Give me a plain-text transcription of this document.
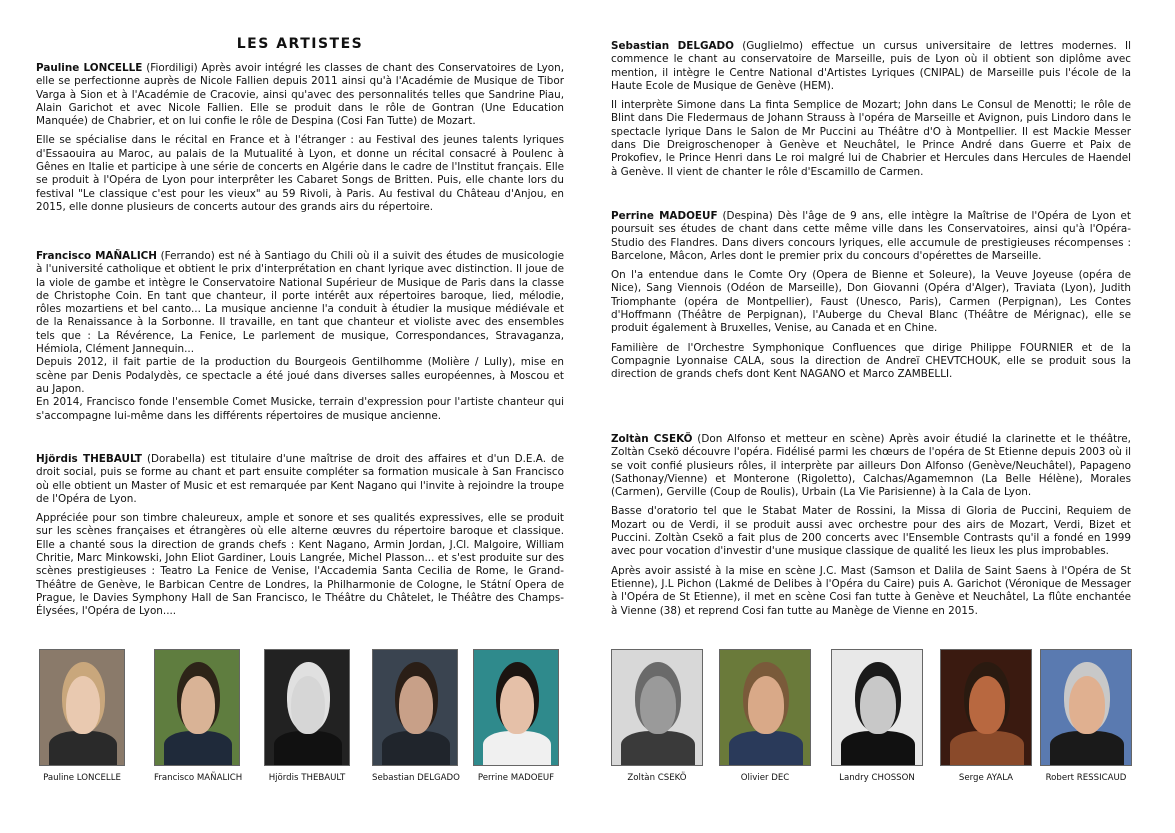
LES ARTISTES

Pauline LONCELLE (Fiordiligi) Après avoir intégré les classes de chant des Conservatoires de Lyon, elle se perfectionne auprès de Nicole Fallien depuis 2011 ainsi qu'à l'Académie de Musique de Tibor Varga à Sion et à l'Académie de Cracovie, ainsi qu'avec des personnalités telles que Sandrine Piau, Alain Garichot et avec Nicole Fallien. Elle se produit dans le rôle de Gontran (Une Education Manquée) de Chabrier, et on lui confie le rôle de Despina (Cosi Fan Tutte) de Mozart.

Elle se spécialise dans le récital en France et à l'étranger : au Festival des jeunes talents lyriques d'Essaouira au Maroc, au palais de la Mutualité à Lyon, et donne un récital consacré à Poulenc à Gênes en Italie et participe à une série de concerts en Algérie dans le cadre de l'Institut français. Elle se produit à l'Opéra de Lyon pour interprêter les Cabaret Songs de Britten. Puis, elle chante lors du festival "Le classique c'est pour les vieux" au 59 Rivoli, à Paris. Au festival du Château d'Anjou, en 2015, elle donne plusieurs de concerts autour des grands airs du répertoire.

Francisco MAÑALICH (Ferrando) est né à Santiago du Chili où il a suivit des études de musicologie à l'université catholique et obtient le prix d'interprétation en chant lyrique avec distinction. Il joue de la viole de gambe et intègre le Conservatoire National Supérieur de Musique de Paris dans la classe de Christophe Coin. En tant que chanteur, il porte intérêt aux répertoires baroque, lied, mélodie, rôles mozartiens et bel canto... La musique ancienne l'a conduit à étudier la musique médiévale et de la Renaissance à la Sorbonne. Il travaille, en tant que chanteur et violiste avec des ensembles tels que : La Révérence, La Fenice, Le parlement de musique, Correspondances, Stravaganza, Hémiola, Clément Jannequin...

Depuis 2012, il fait partie de la production du Bourgeois Gentilhomme (Molière / Lully), mise en scène par Denis Podalydès, ce spectacle a été joué dans diverses salles européennes, à Moscou et au Japon.

En 2014, Francisco fonde l'ensemble Comet Musicke, terrain d'expression pour l'artiste chanteur qui s'accompagne lui-même dans les différents répertoires de musique ancienne.

Hjördis THEBAULT (Dorabella) est titulaire d'une maîtrise de droit des affaires et d'un D.E.A. de droit social, puis se forme au chant et part ensuite compléter sa formation musicale à San Francisco où elle obtient un Master of Music et est remarquée par Kent Nagano qui l'invite à rejoindre la troupe de l'Opéra de Lyon.

Appréciée pour son timbre chaleureux, ample et sonore et ses qualités expressives, elle se produit sur les scènes françaises et étrangères où elle alterne œuvres du répertoire baroque et classique. Elle a chanté sous la direction de grands chefs : Kent Nagano, Armin Jordan, J.Cl. Malgoire, William Chritie, Marc Minkowski, John Eliot Gardiner, Louis Langrée, Michel Plasson... et s'est produite sur des scènes prestigieuses : Teatro La Fenice de Venise, l'Accademia Santa Cecilia de Rome, le Grand-Théâtre de Genève, le Barbican Centre de Londres, la Philharmonie de Cologne, le Státní Opera de Prague, le Davies Symphony Hall de San Francisco, le Théâtre du Châtelet, le Théâtre des Champs-Élysées, l'Opéra de Lyon....

Sebastian DELGADO (Guglielmo) effectue un cursus universitaire de lettres modernes. Il commence le chant au conservatoire de Marseille, puis de Lyon où il obtient son diplôme avec mention, il intègre le Centre National d'Artistes Lyriques (CNIPAL) de Marseille puis l'école de la Haute Ecole de Musique de Genève (HEM).

Il interprète Simone dans La finta Semplice de Mozart; John dans Le Consul de Menotti; le rôle de Blint dans Die Fledermaus de Johann Strauss à l'opéra de Marseille et Avignon, puis Lindoro dans le spectacle lyrique Dans le Salon de Mr Puccini au Théâtre d'O à Montpellier. Il est Mackie Messer dans Die Dreigroschenoper à Genève et Neuchâtel, le Prince André dans Guerre et Paix de Prokofiev, le Prince Henri dans Le roi malgré lui de Chabrier et Hercules dans Hercules de Haendel à Genève. Il vient de chanter le rôle d'Escamillo de Carmen.

Perrine MADOEUF (Despina) Dès l'âge de 9 ans, elle intègre la Maîtrise de l'Opéra de Lyon et poursuit ses études de chant dans cette même ville dans les Conservatoires, ainsi qu'à l'Opéra-Studio des Flandres. Dans divers concours lyriques, elle accumule de prestigieuses récompenses : Barcelone, Mâcon, Arles dont le premier prix du concours d'opérettes de Marseille.

On l'a entendue dans le Comte Ory (Opera de Bienne et Soleure), la Veuve Joyeuse (opéra de Nice), Sang Viennois (Odéon de Marseille), Don Giovanni (Opéra d'Alger), Traviata (Lyon), Judith Triomphante (opéra de Montpellier), Faust (Unesco, Paris), Carmen (Perpignan), Les Contes d'Hoffmann (Théâtre de Perpignan), l'Auberge du Cheval Blanc (Théâtre de Mérignac), elle se produit également à Bruxelles, Venise, au Canada et en Chine.

Familière de l'Orchestre Symphonique Confluences que dirige Philippe FOURNIER et de la Compagnie Lyonnaise CALA, sous la direction de Andreï CHEVTCHOUK, elle se produit sous la direction de grands chefs dont Kent NAGANO et Marco ZAMBELLI.

Zoltàn CSEKÖ (Don Alfonso et metteur en scène) Après avoir étudié la clarinette et le théâtre, Zoltàn Csekö découvre l'opéra. Fidélisé parmi les chœurs de l'opéra de St Etienne depuis 2003 où il se voit confié plusieurs rôles, il interprète par ailleurs Don Alfonso (Genève/Neuchâtel), Papageno (Sathonay/Vienne) et Monterone (Rigoletto), Calchas/Agamemnon (La Belle Hélène), Morales (Carmen), Gerville (Coup de Roulis), Urbain (La Vie Parisienne) à la Cala de Lyon.

Basse d'oratorio tel que le Stabat Mater de Rossini, la Missa di Gloria de Puccini, Requiem de Mozart ou de Verdi, il se produit aussi avec orchestre pour des airs de Mozart, Verdi, Bizet et Puccini. Zoltàn Csekö a fait plus de 200 concerts avec l'Ensemble Contrasts qu'il a fondé en 1999 avec pour vocation d'investir d'une musique classique de qualité les lieux les plus improbables.

Après avoir assisté à la mise en scène J.C. Mast (Samson et Dalila de Saint Saens à l'Opéra de St Etienne), J.L Pichon (Lakmé de Delibes à l'Opéra du Caire) puis A. Garichot (Véronique de Messager à l'Opéra de St Etienne), il met en scène Cosi fan tutte à Genève et Neuchâtel, La flûte enchantée à Vienne (38) et reprend Cosi fan tutte au Manège de Vienne en 2015.

Pauline LONCELLE	Francisco MAÑALICH	Hjördis THEBAULT	Sebastian DELGADO	Perrine MADOEUF	Zoltàn CSEKÖ	Olivier DEC	Landry CHOSSON	Serge AYALA	Robert RESSICAUD
